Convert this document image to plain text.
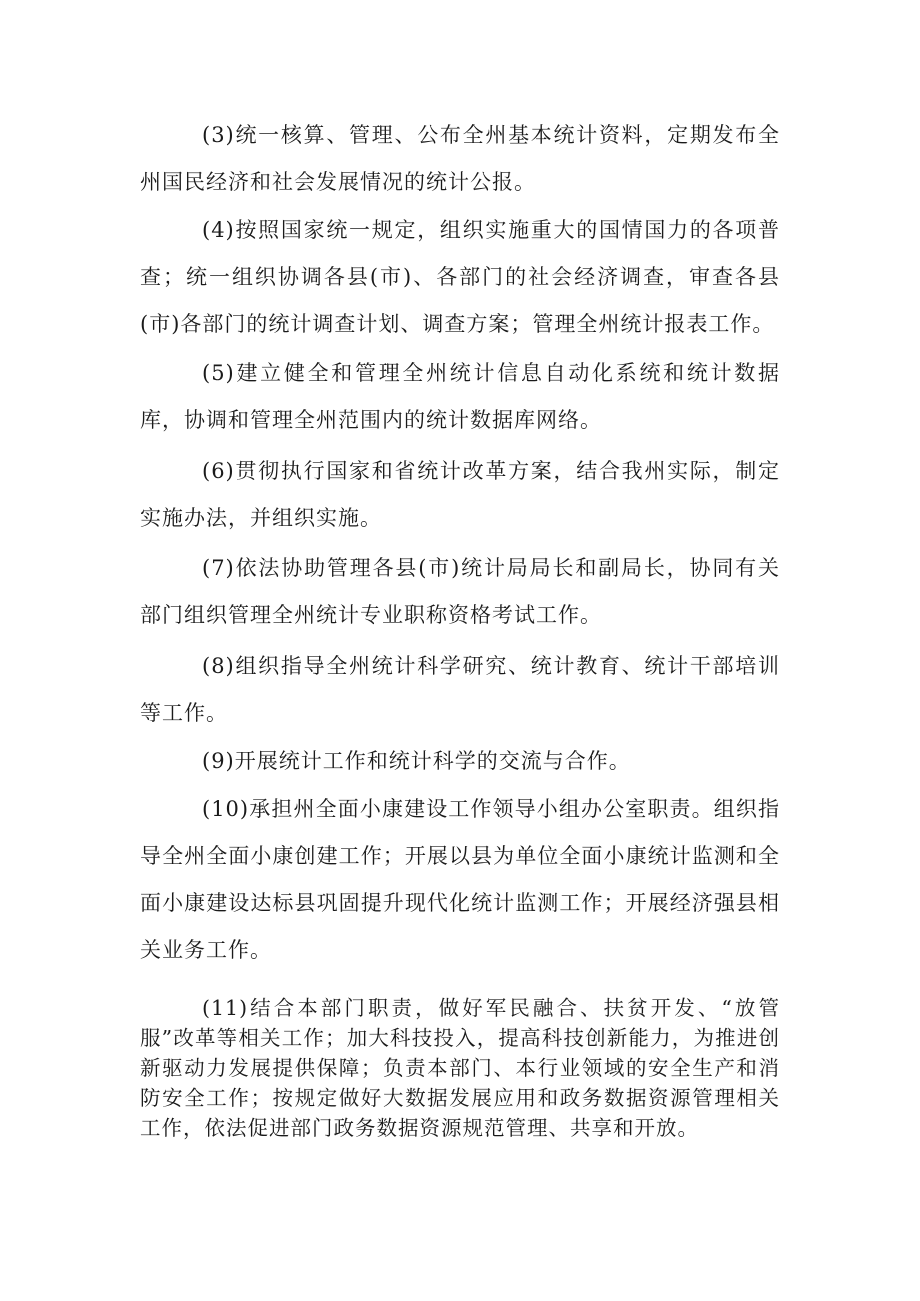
(3)统一核算、管理、公布全州基本统计资料，定期发布全州国民经济和社会发展情况的统计公报。

(4)按照国家统一规定，组织实施重大的国情国力的各项普查；统一组织协调各县(市)、各部门的社会经济调查，审查各县(市)各部门的统计调查计划、调查方案；管理全州统计报表工作。

(5)建立健全和管理全州统计信息自动化系统和统计数据库，协调和管理全州范围内的统计数据库网络。

(6)贯彻执行国家和省统计改革方案，结合我州实际，制定实施办法，并组织实施。

(7)依法协助管理各县(市)统计局局长和副局长，协同有关部门组织管理全州统计专业职称资格考试工作。

(8)组织指导全州统计科学研究、统计教育、统计干部培训等工作。

(9)开展统计工作和统计科学的交流与合作。

(10)承担州全面小康建设工作领导小组办公室职责。组织指导全州全面小康创建工作；开展以县为单位全面小康统计监测和全面小康建设达标县巩固提升现代化统计监测工作；开展经济强县相关业务工作。

(11)结合本部门职责，做好军民融合、扶贫开发、“放管服”改革等相关工作；加大科技投入，提高科技创新能力，为推进创新驱动力发展提供保障；负责本部门、本行业领域的安全生产和消防安全工作；按规定做好大数据发展应用和政务数据资源管理相关工作，依法促进部门政务数据资源规范管理、共享和开放。
